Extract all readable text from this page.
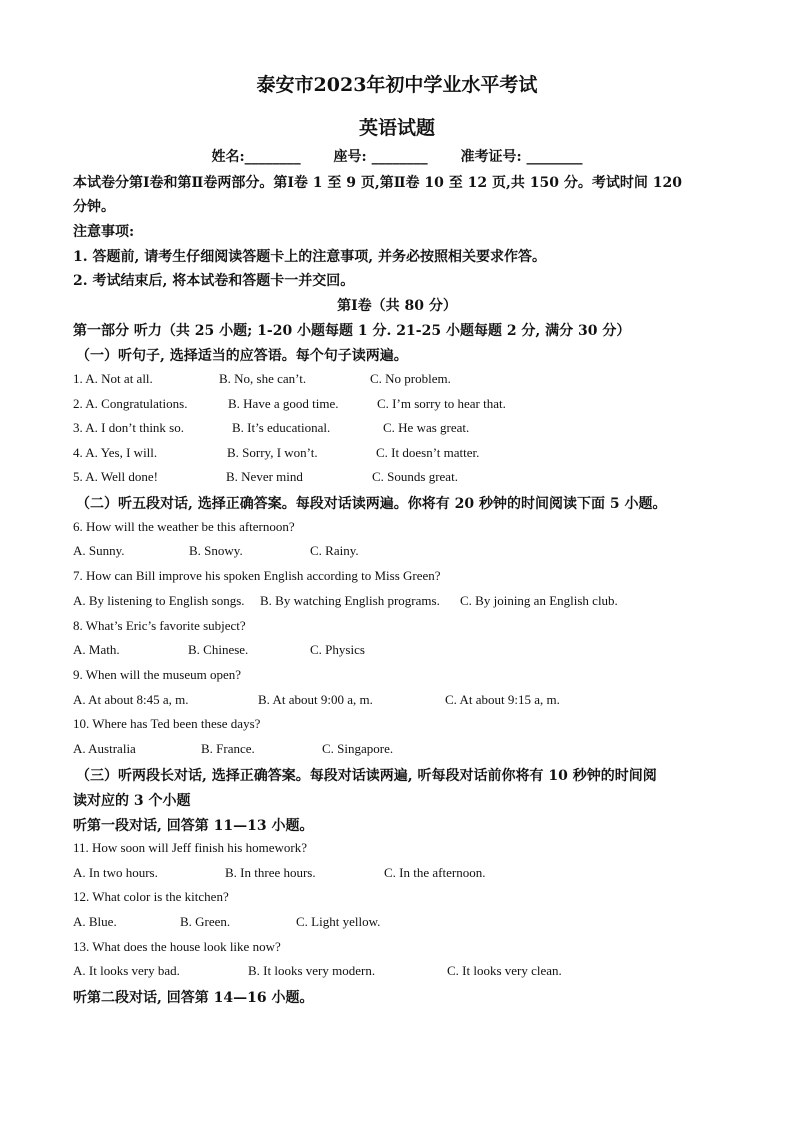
泰安市2023年初中学业水平考试
英语试题
姓名:________ 座号: ________ 准考证号: ________
本试卷分第Ⅰ卷和第Ⅱ卷两部分。第Ⅰ卷 1 至 9 页,第Ⅱ卷 10 至 12 页,共 150 分。考试时间 120
分钟。
注意事项:
1. 答题前, 请考生仔细阅读答题卡上的注意事项, 并务必按照相关要求作答。
2. 考试结束后, 将本试卷和答题卡一并交回。
第Ⅰ卷（共 80 分）
第一部分 听力（共 25 小题; 1-20 小题每题 1 分. 21-25 小题每题 2 分, 满分 30 分）
（一）听句子, 选择适当的应答语。每个句子读两遍。
1. A. Not at all.	B. No, she can’t.	C. No problem.
2. A. Congratulations.	B. Have a good time.	C. I’m sorry to hear that.
3. A. I don’t think so.	B. It’s educational.	C. He was great.
4. A. Yes, I will.	B. Sorry, I won’t.	C. It doesn’t matter.
5. A. Well done!	B. Never mind	C. Sounds great.
（二）听五段对话, 选择正确答案。每段对话读两遍。你将有 20 秒钟的时间阅读下面 5 小题。
6. How will the weather be this afternoon?
A. Sunny.	B. Snowy.	C. Rainy.
7. How can Bill improve his spoken English according to Miss Green?
A. By listening to English songs. B. By watching English programs. C. By joining an English club.
8. What’s Eric’s favorite subject?
A. Math.	B. Chinese.	C. Physics
9. When will the museum open?
A. At about 8:45 a, m.	B. At about 9:00 a, m.	C. At about 9:15 a, m.
10. Where has Ted been these days?
A. Australia	B. France.	C. Singapore.
（三）听两段长对话, 选择正确答案。每段对话读两遍, 听每段对话前你将有 10 秒钟的时间阅
读对应的 3 个小题
听第一段对话, 回答第 11—13 小题。
11. How soon will Jeff finish his homework?
A. In two hours.	B. In three hours.	C. In the afternoon.
12. What color is the kitchen?
A. Blue.	B. Green.	C. Light yellow.
13. What does the house look like now?
A. It looks very bad.	B. It looks very modern.	C. It looks very clean.
听第二段对话, 回答第 14—16 小题。
